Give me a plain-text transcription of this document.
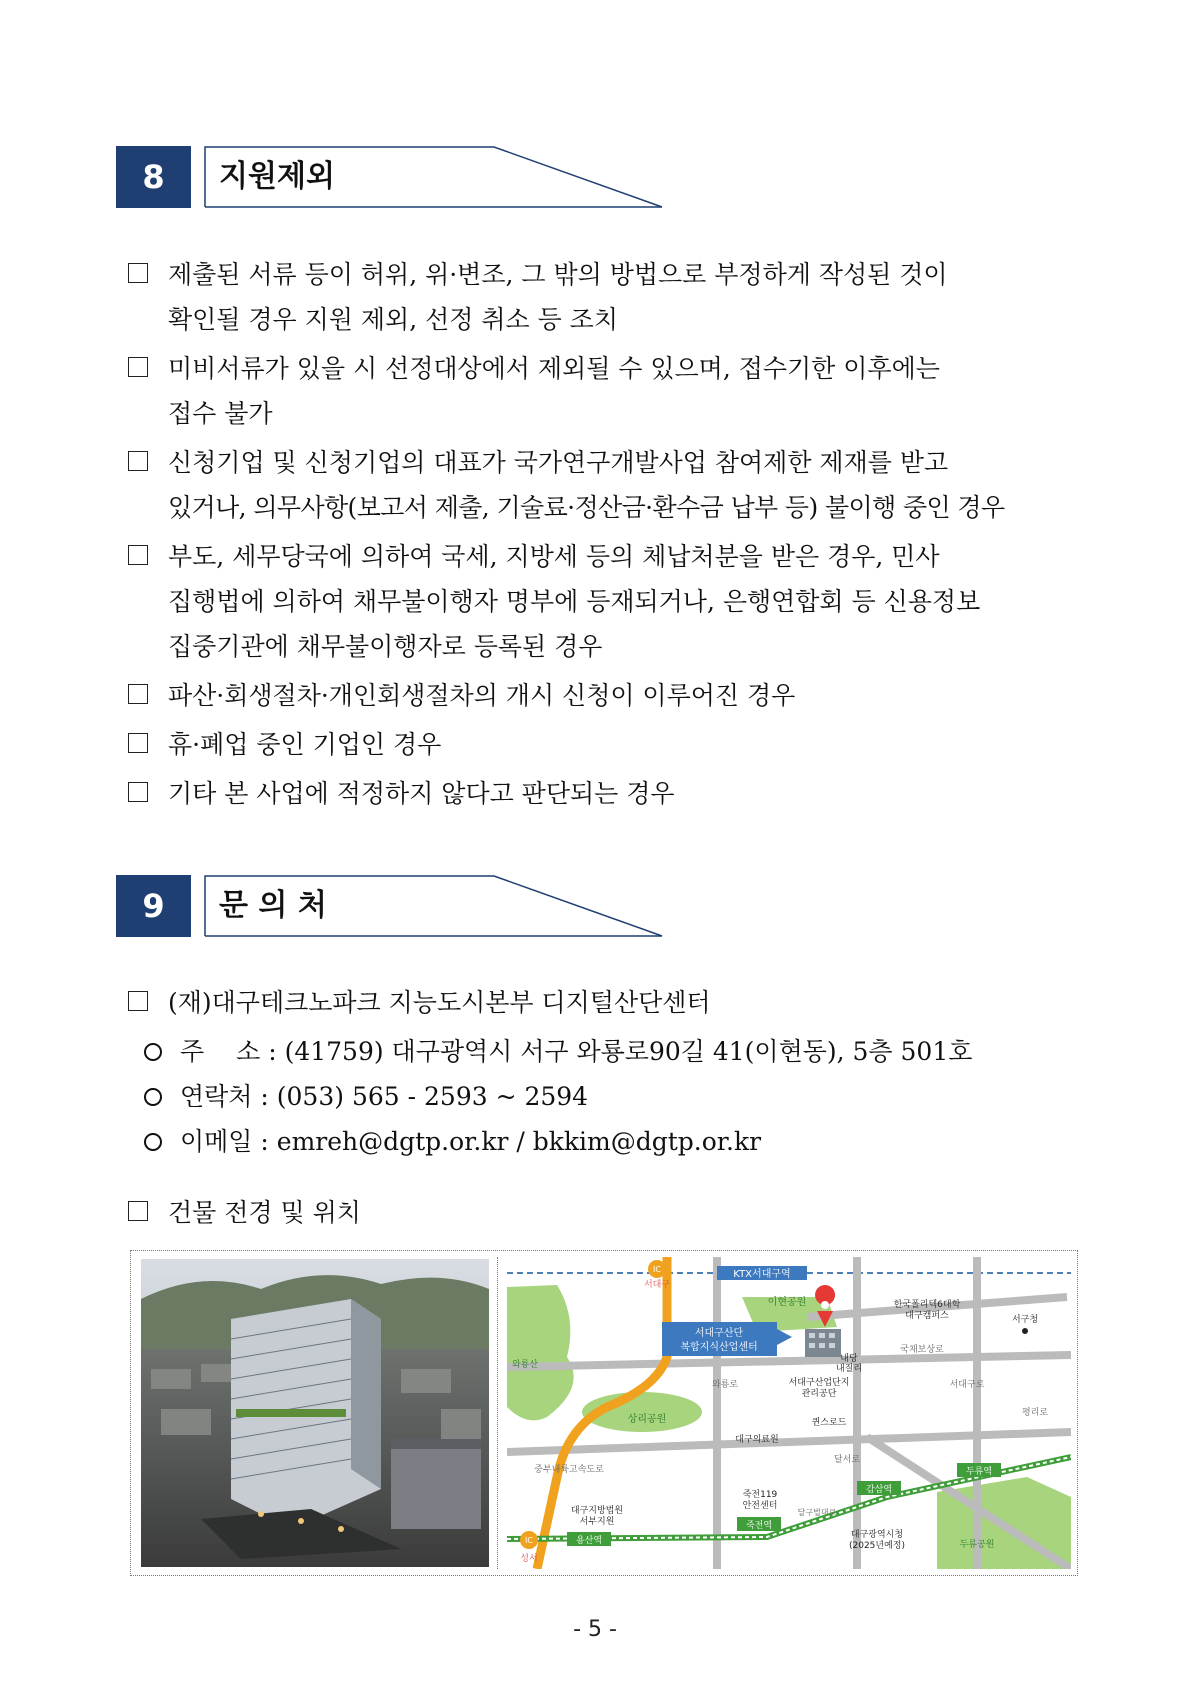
8 지원제외
제출된 서류 등이 허위, 위·변조, 그 밖의 방법으로 부정하게 작성된 것이
확인될 경우 지원 제외, 선정 취소 등 조치
미비서류가 있을 시 선정대상에서 제외될 수 있으며, 접수기한 이후에는
접수 불가
신청기업 및 신청기업의 대표가 국가연구개발사업 참여제한 제재를 받고
있거나, 의무사항(보고서 제출, 기술료·정산금·환수금 납부 등) 불이행 중인 경우
부도, 세무당국에 의하여 국세, 지방세 등의 체납처분을 받은 경우, 민사
집행법에 의하여 채무불이행자 명부에 등재되거나, 은행연합회 등 신용정보
집중기관에 채무불이행자로 등록된 경우
파산·회생절차·개인회생절차의 개시 신청이 이루어진 경우
휴·폐업 중인 기업인 경우
기타 본 사업에 적정하지 않다고 판단되는 경우
9 문 의 처
(재)대구테크노파크 지능도시본부 디지털산단센터
주 소 : (41759) 대구광역시 서구 와룡로90길 41(이현동), 5층 501호
연락처 : (053) 565 - 2593 ~ 2594
이메일 : emreh@dgtp.or.kr / bkkim@dgtp.or.kr
건물 전경 및 위치
KTX서대구역
IC
서대구
이현공원
서대구산단
복합지식산업센터
한국폴리텍6대학
대구캠퍼스	서구청
와룡산
국채보상로
내당
내질리
서대구산업단지
관리공단
와룡로	서대구로
상리공원	퀸스로드
평리로
대구의료원
달서로
중부내륙고속도로
대구지방법원
서부지원
죽전119
안전센터
감삼역
두류역
죽전역
용산역
달구벌대로
대구광역시청
(2025년예정)	두류공원
IC
성서
- 5 -
